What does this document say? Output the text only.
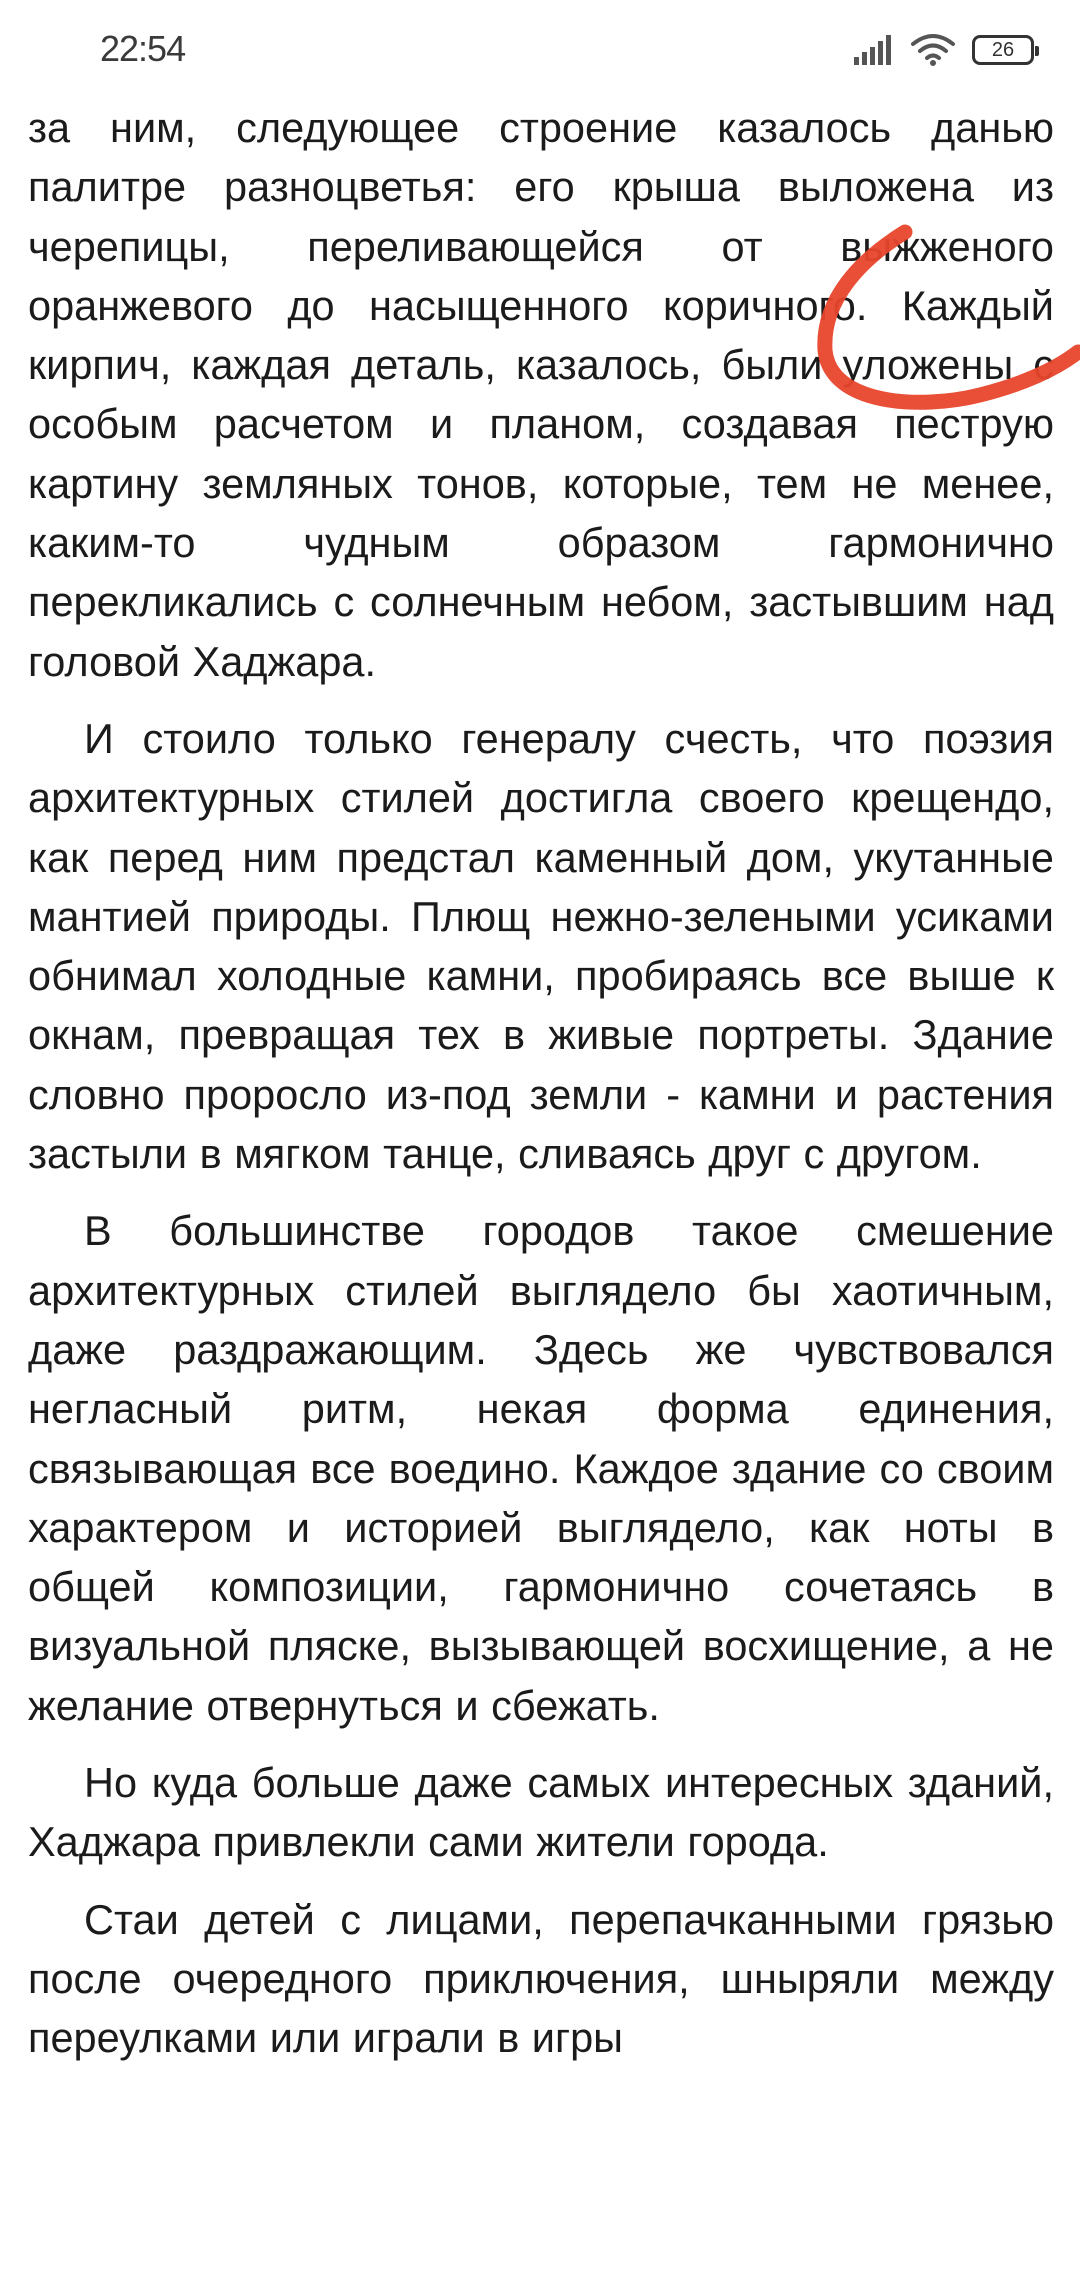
22:54	26

за ним, следующее строение казалось данью палитре разноцветья: его крыша выложена из черепицы, переливающейся от выжженого оранжевого до насыщенного коричного. Каждый кирпич, каждая деталь, казалось, были уложены с особым расчетом и планом, создавая пеструю картину земляных тонов, которые, тем не менее, каким-то чудным образом гармонично перекликались с солнечным небом, застывшим над головой Хаджара.

И стоило только генералу счесть, что поэзия архитектурных стилей достигла своего крещендо, как перед ним предстал каменный дом, укутанные мантией природы. Плющ нежно-зелеными усиками обнимал холодные камни, пробираясь все выше к окнам, превращая тех в живые портреты. Здание словно проросло из-под земли - камни и растения застыли в мягком танце, сливаясь друг с другом.

В большинстве городов такое смешение архитектурных стилей выглядело бы хаотичным, даже раздражающим. Здесь же чувствовался негласный ритм, некая форма единения, связывающая все воедино. Каждое здание со своим характером и историей выглядело, как ноты в общей композиции, гармонично сочетаясь в визуальной пляске, вызывающей восхищение, а не желание отвернуться и сбежать.

Но куда больше даже самых интересных зданий, Хаджара привлекли сами жители города.

Стаи детей с лицами, перепачканными грязью после очередного приключения, шныряли между переулками или играли в игры
